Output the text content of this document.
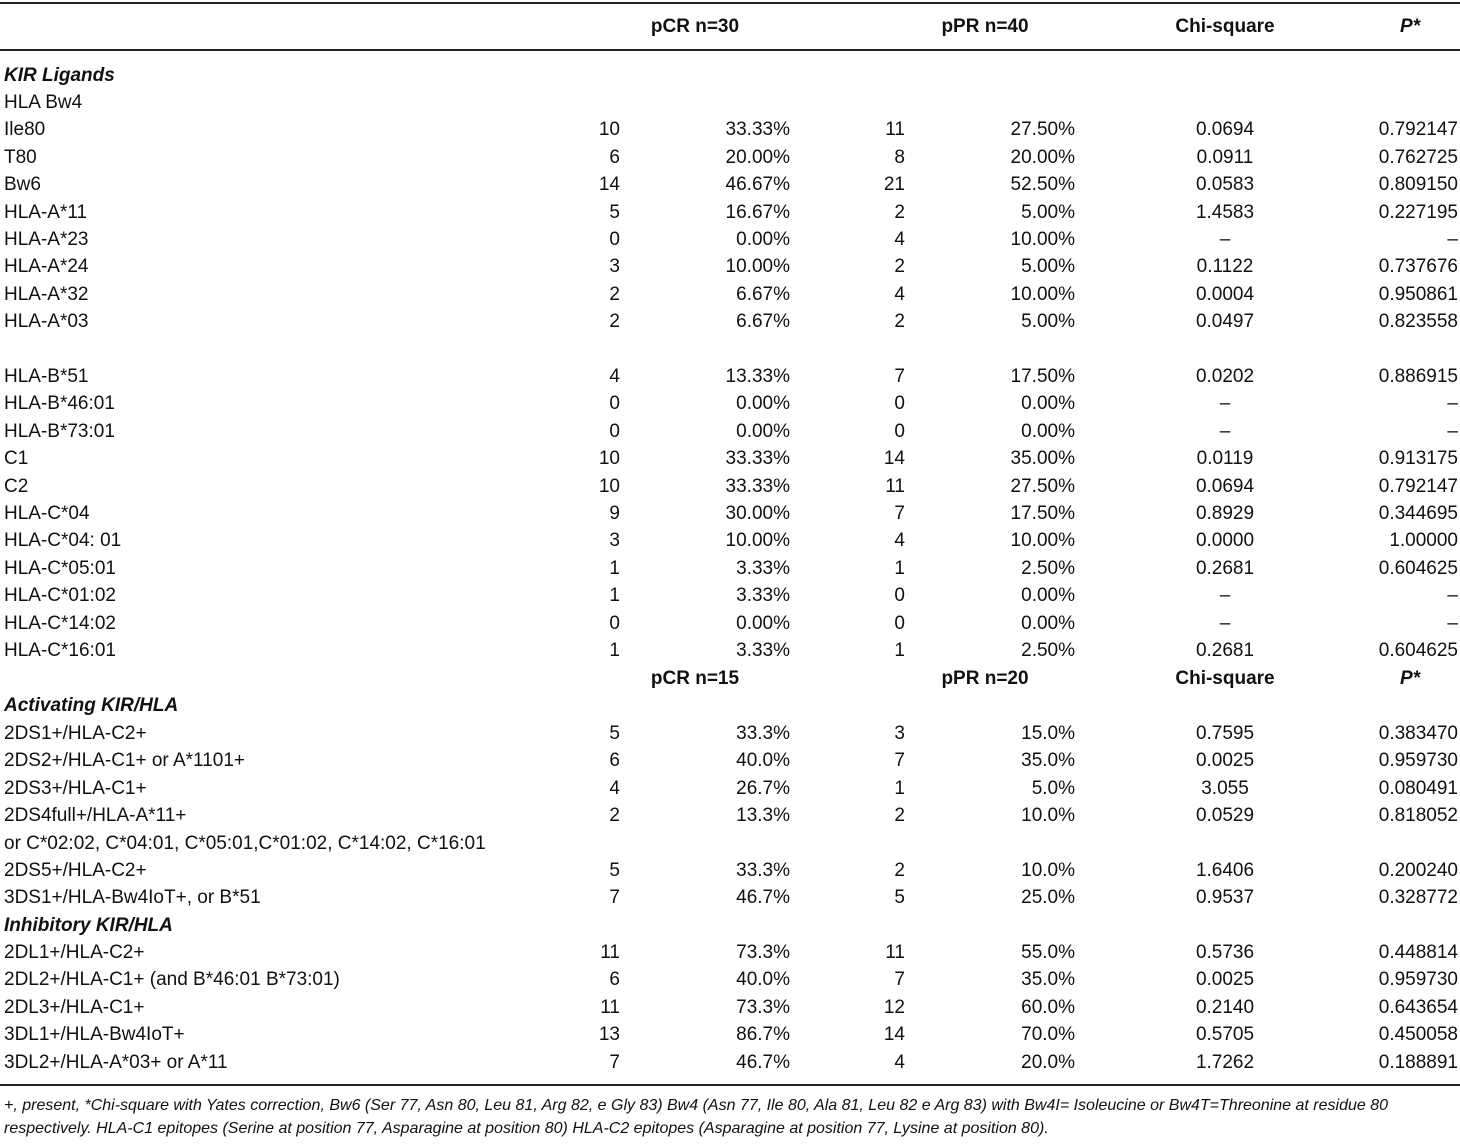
pCR n=30	pPR n=40	Chi-square	P*
KIR Ligands
HLA Bw4
Ile80	10	33.33%	11	27.50%	0.0694	0.792147
T80	6	20.00%	8	20.00%	0.0911	0.762725
Bw6	14	46.67%	21	52.50%	0.0583	0.809150
HLA-A*11	5	16.67%	2	5.00%	1.4583	0.227195
HLA-A*23	0	0.00%	4	10.00%	–	–
HLA-A*24	3	10.00%	2	5.00%	0.1122	0.737676
HLA-A*32	2	6.67%	4	10.00%	0.0004	0.950861
HLA-A*03	2	6.67%	2	5.00%	0.0497	0.823558
HLA-B*51	4	13.33%	7	17.50%	0.0202	0.886915
HLA-B*46:01	0	0.00%	0	0.00%	–	–
HLA-B*73:01	0	0.00%	0	0.00%	–	–
C1	10	33.33%	14	35.00%	0.0119	0.913175
C2	10	33.33%	11	27.50%	0.0694	0.792147
HLA-C*04	9	30.00%	7	17.50%	0.8929	0.344695
HLA-C*04: 01	3	10.00%	4	10.00%	0.0000	1.00000
HLA-C*05:01	1	3.33%	1	2.50%	0.2681	0.604625
HLA-C*01:02	1	3.33%	0	0.00%	–	–
HLA-C*14:02	0	0.00%	0	0.00%	–	–
HLA-C*16:01	1	3.33%	1	2.50%	0.2681	0.604625
pCR n=15	pPR n=20	Chi-square	P*
Activating KIR/HLA
2DS1+/HLA-C2+	5	33.3%	3	15.0%	0.7595	0.383470
2DS2+/HLA-C1+ or A*1101+	6	40.0%	7	35.0%	0.0025	0.959730
2DS3+/HLA-C1+	4	26.7%	1	5.0%	3.055	0.080491
2DS4full+/HLA-A*11+	2	13.3%	2	10.0%	0.0529	0.818052
or C*02:02, C*04:01, C*05:01,C*01:02, C*14:02, C*16:01
2DS5+/HLA-C2+	5	33.3%	2	10.0%	1.6406	0.200240
3DS1+/HLA-Bw4IoT+, or B*51	7	46.7%	5	25.0%	0.9537	0.328772
Inhibitory KIR/HLA
2DL1+/HLA-C2+	11	73.3%	11	55.0%	0.5736	0.448814
2DL2+/HLA-C1+ (and B*46:01 B*73:01)	6	40.0%	7	35.0%	0.0025	0.959730
2DL3+/HLA-C1+	11	73.3%	12	60.0%	0.2140	0.643654
3DL1+/HLA-Bw4IoT+	13	86.7%	14	70.0%	0.5705	0.450058
3DL2+/HLA-A*03+ or A*11	7	46.7%	4	20.0%	1.7262	0.188891
+, present, *Chi-square with Yates correction, Bw6 (Ser 77, Asn 80, Leu 81, Arg 82, e Gly 83) Bw4 (Asn 77, Ile 80, Ala 81, Leu 82 e Arg 83) with Bw4I= Isoleucine or Bw4T=Threonine at residue 80 respectively. HLA-C1 epitopes (Serine at position 77, Asparagine at position 80) HLA-C2 epitopes (Asparagine at position 77, Lysine at position 80).
